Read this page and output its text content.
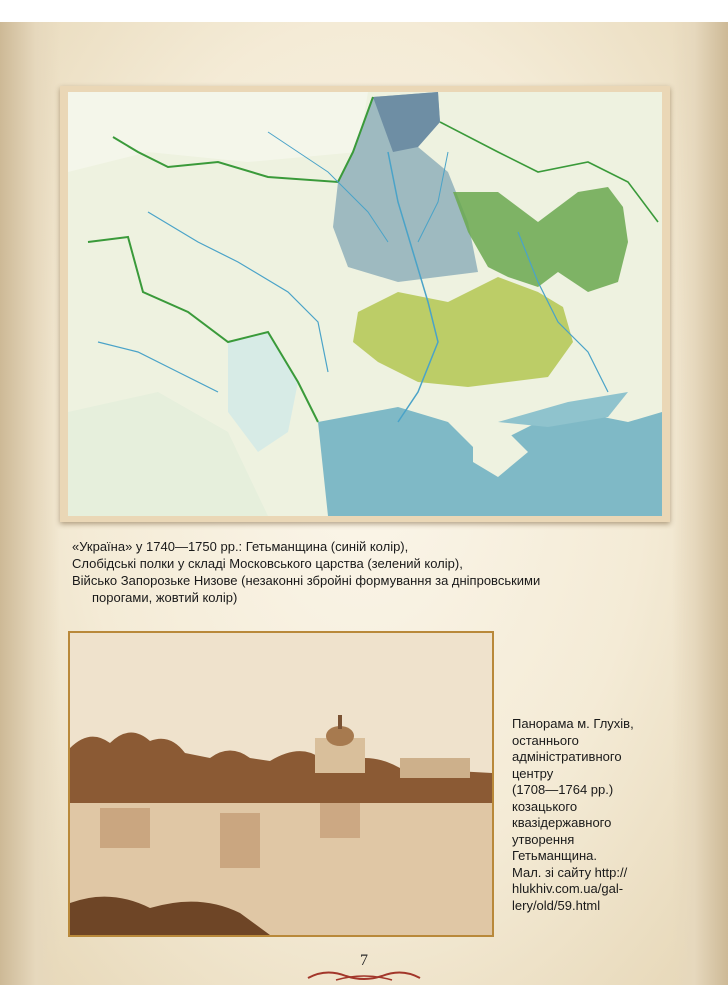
«Україна» у 1740—1750 рр.: Гетьманщина (синій колір),
Слобідські полки у складі Московського царства (зелений колір),
Військо Запорозьке Низове (незаконні збройні формування за дніпровськими
порогами, жовтий колір)
Панорама м. Глухів,
останнього
адміністративного
центру
(1708—1764 рр.)
козацького
квазідержавного
утворення
Гетьманщина.
Мал. зі сайту http://
hlukhiv.com.ua/gal-
lery/old/59.html
7
